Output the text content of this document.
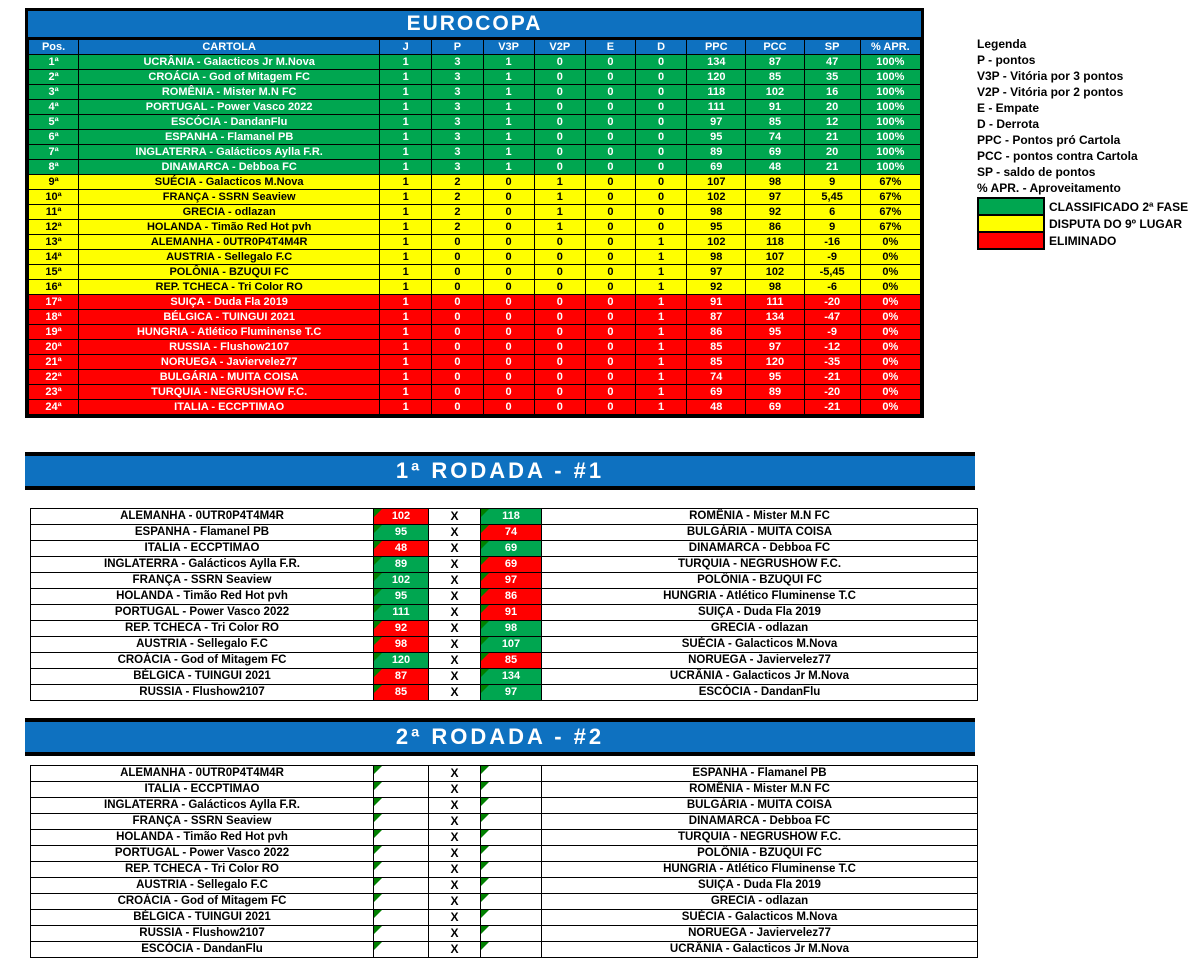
EUROCOPA
Pos.	CARTOLA	J	P	V3P	V2P	E	D	PPC	PCC	SP	% APR.
1ª	UCRÂNIA - Galacticos Jr M.Nova	1	3	1	0	0	0	134	87	47	100%
2ª	CROÁCIA - God of Mitagem FC	1	3	1	0	0	0	120	85	35	100%
3ª	ROMÊNIA - Mister M.N FC	1	3	1	0	0	0	118	102	16	100%
4ª	PORTUGAL - Power Vasco 2022	1	3	1	0	0	0	111	91	20	100%
5ª	ESCÓCIA - DandanFlu	1	3	1	0	0	0	97	85	12	100%
6ª	ESPANHA - Flamanel PB	1	3	1	0	0	0	95	74	21	100%
7ª	INGLATERRA - Galácticos Aylla F.R.	1	3	1	0	0	0	89	69	20	100%
8ª	DINAMARCA - Debboa FC	1	3	1	0	0	0	69	48	21	100%
9ª	SUÉCIA - Galacticos M.Nova	1	2	0	1	0	0	107	98	9	67%
10ª	FRANÇA - SSRN Seaview	1	2	0	1	0	0	102	97	5,45	67%
11ª	GRECIA - odlazan	1	2	0	1	0	0	98	92	6	67%
12ª	HOLANDA - Timão Red Hot pvh	1	2	0	1	0	0	95	86	9	67%
13ª	ALEMANHA - 0UTR0P4T4M4R	1	0	0	0	0	1	102	118	-16	0%
14ª	AUSTRIA - Sellegalo F.C	1	0	0	0	0	1	98	107	-9	0%
15ª	POLÔNIA - BZUQUI FC	1	0	0	0	0	1	97	102	-5,45	0%
16ª	REP. TCHECA - Tri Color RO	1	0	0	0	0	1	92	98	-6	0%
17ª	SUIÇA - Duda Fla 2019	1	0	0	0	0	1	91	111	-20	0%
18ª	BÉLGICA - TUINGUI 2021	1	0	0	0	0	1	87	134	-47	0%
19ª	HUNGRIA - Atlético Fluminense T.C	1	0	0	0	0	1	86	95	-9	0%
20ª	RUSSIA - Flushow2107	1	0	0	0	0	1	85	97	-12	0%
21ª	NORUEGA - Javiervelez77	1	0	0	0	0	1	85	120	-35	0%
22ª	BULGÁRIA - MUITA COISA	1	0	0	0	0	1	74	95	-21	0%
23ª	TURQUIA - NEGRUSHOW F.C.	1	0	0	0	0	1	69	89	-20	0%
24ª	ITALIA - ECCPTIMAO	1	0	0	0	0	1	48	69	-21	0%
Legenda
P - pontos
V3P - Vitória por 3 pontos
V2P - Vitória por 2 pontos
E - Empate
D - Derrota
PPC - Pontos pró Cartola
PCC - pontos contra Cartola
SP - saldo de pontos
% APR. - Aproveitamento
CLASSIFICADO 2ª FASE
DISPUTA DO 9º LUGAR
ELIMINADO
1ª RODADA - #1
ALEMANHA - 0UTR0P4T4M4R	102	X	118	ROMÊNIA - Mister M.N FC
ESPANHA - Flamanel PB	95	X	74	BULGÁRIA - MUITA COISA
ITALIA - ECCPTIMAO	48	X	69	DINAMARCA - Debboa FC
INGLATERRA - Galácticos Aylla F.R.	89	X	69	TURQUIA - NEGRUSHOW F.C.
FRANÇA - SSRN Seaview	102	X	97	POLÔNIA - BZUQUI FC
HOLANDA - Timão Red Hot pvh	95	X	86	HUNGRIA - Atlético Fluminense T.C
PORTUGAL - Power Vasco 2022	111	X	91	SUIÇA - Duda Fla 2019
REP. TCHECA - Tri Color RO	92	X	98	GRECIA - odlazan
AUSTRIA - Sellegalo F.C	98	X	107	SUÉCIA - Galacticos M.Nova
CROÁCIA - God of Mitagem FC	120	X	85	NORUEGA - Javiervelez77
BÉLGICA - TUINGUI 2021	87	X	134	UCRÂNIA - Galacticos Jr M.Nova
RUSSIA - Flushow2107	85	X	97	ESCÓCIA - DandanFlu
2ª RODADA - #2
ALEMANHA - 0UTR0P4T4M4R		X		ESPANHA - Flamanel PB
ITALIA - ECCPTIMAO		X		ROMÊNIA - Mister M.N FC
INGLATERRA - Galácticos Aylla F.R.		X		BULGÁRIA - MUITA COISA
FRANÇA - SSRN Seaview		X		DINAMARCA - Debboa FC
HOLANDA - Timão Red Hot pvh		X		TURQUIA - NEGRUSHOW F.C.
PORTUGAL - Power Vasco 2022		X		POLÔNIA - BZUQUI FC
REP. TCHECA - Tri Color RO		X		HUNGRIA - Atlético Fluminense T.C
AUSTRIA - Sellegalo F.C		X		SUIÇA - Duda Fla 2019
CROÁCIA - God of Mitagem FC		X		GRECIA - odlazan
BÉLGICA - TUINGUI 2021		X		SUÉCIA - Galacticos M.Nova
RUSSIA - Flushow2107		X		NORUEGA - Javiervelez77
ESCÓCIA - DandanFlu		X		UCRÂNIA - Galacticos Jr M.Nova
